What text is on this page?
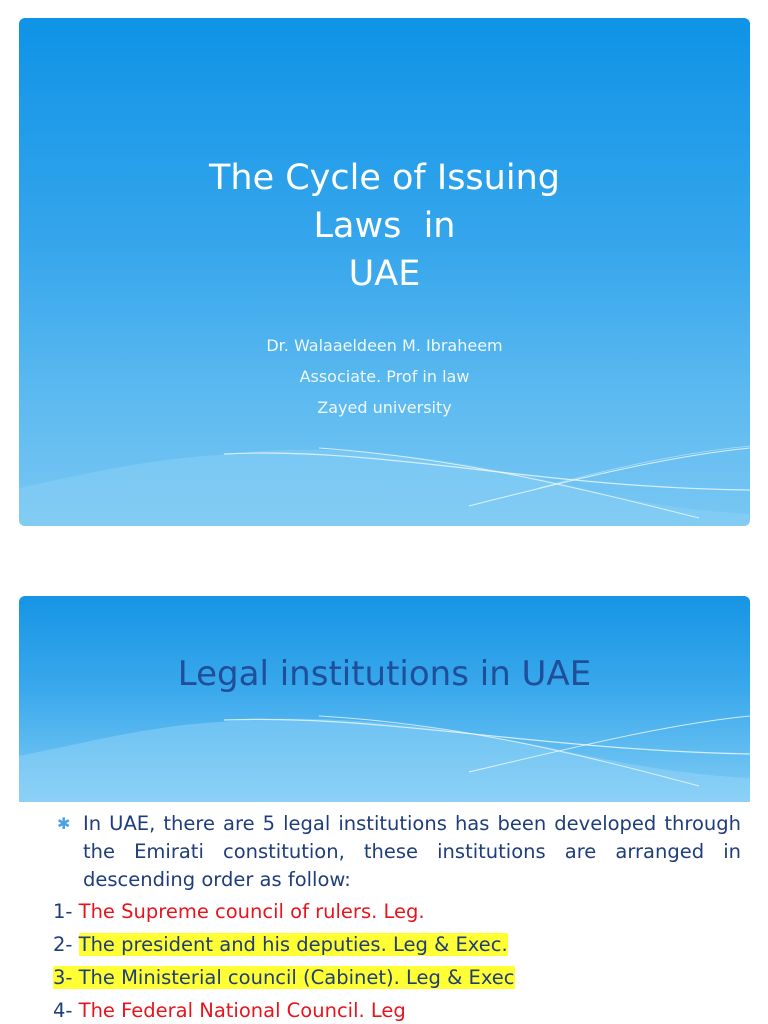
The Cycle of Issuing
Laws  in
UAE
Dr. Walaaeldeen M. Ibraheem
Associate. Prof in law
Zayed university
Legal institutions in UAE
✱ In UAE, there are 5 legal institutions has been developed through the Emirati constitution, these institutions are arranged in descending order as follow:
1- The Supreme council of rulers. Leg.
2- The president and his deputies. Leg & Exec.
3- The Ministerial council (Cabinet). Leg & Exec
4- The Federal National Council. Leg
